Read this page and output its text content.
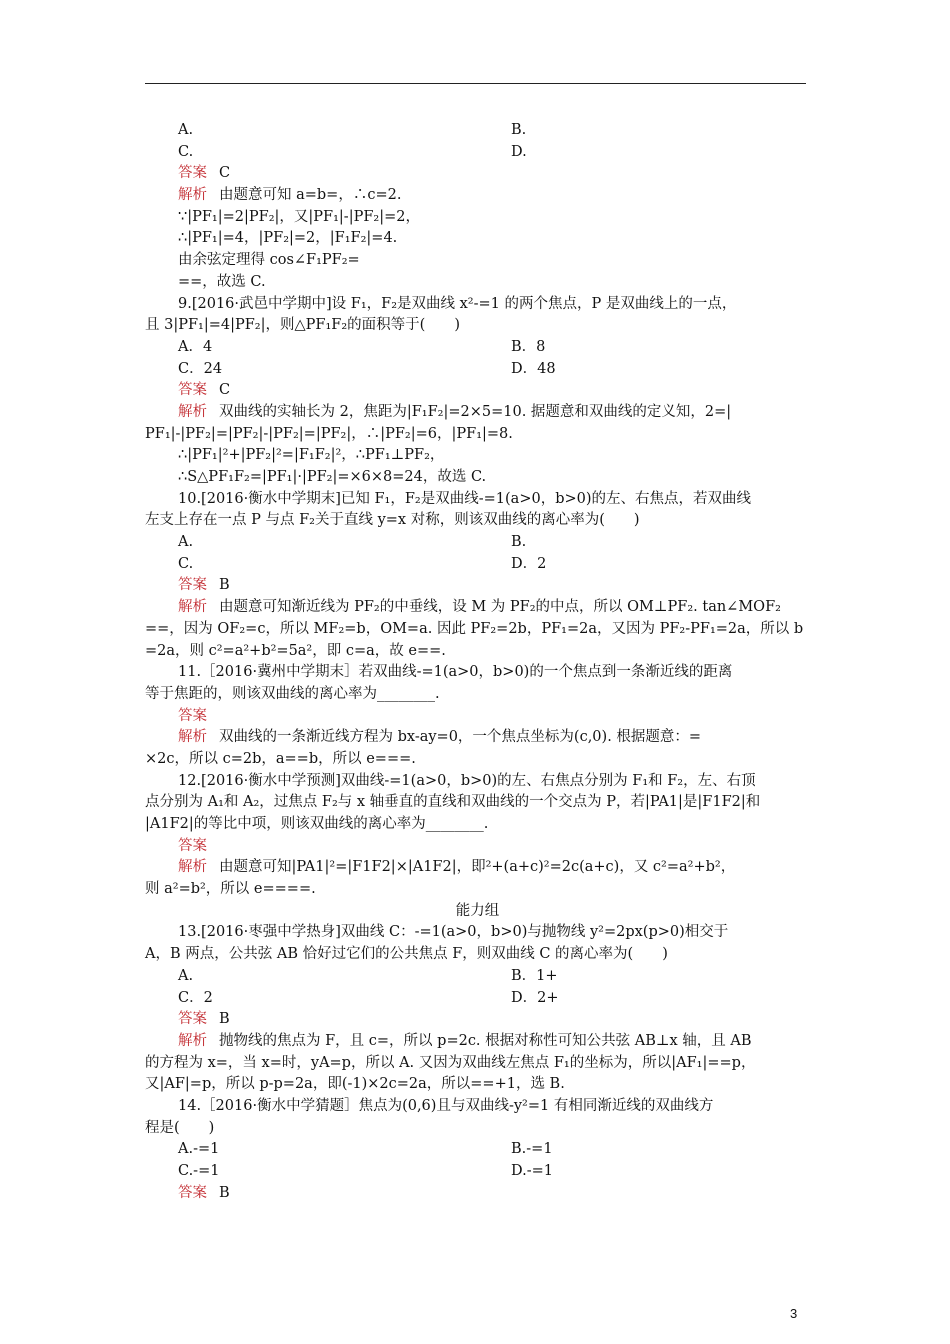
A.	B.
C.	D.
答案 C
解析 由题意可知 a=b=，∴c=2.
∵|PF₁|=2|PF₂|，又|PF₁|-|PF₂|=2，
∴|PF₁|=4，|PF₂|=2，|F₁F₂|=4.
由余弦定理得 cos∠F₁PF₂=
==，故选 C.
9.[2016·武邑中学期中]设 F₁，F₂是双曲线 x²-=1 的两个焦点，P 是双曲线上的一点，
且 3|PF₁|=4|PF₂|，则△PF₁F₂的面积等于(　　)
A．4	B．8
C．24	D．48
答案 C
解析 双曲线的实轴长为 2，焦距为|F₁F₂|=2×5=10. 据题意和双曲线的定义知，2=|
PF₁|-|PF₂|=|PF₂|-|PF₂|=|PF₂|，∴|PF₂|=6，|PF₁|=8.
∴|PF₁|²+|PF₂|²=|F₁F₂|²，∴PF₁⊥PF₂，
∴S△PF₁F₂=|PF₁|·|PF₂|=×6×8=24，故选 C.
10.[2016·衡水中学期末]已知 F₁，F₂是双曲线-=1(a>0，b>0)的左、右焦点，若双曲线
左支上存在一点 P 与点 F₂关于直线 y=x 对称，则该双曲线的离心率为(　　)
A.	B.
C.	D．2
答案 B
解析 由题意可知渐近线为 PF₂的中垂线，设 M 为 PF₂的中点，所以 OM⊥PF₂. tan∠MOF₂
==，因为 OF₂=c，所以 MF₂=b，OM=a. 因此 PF₂=2b，PF₁=2a，又因为 PF₂-PF₁=2a，所以 b
=2a，则 c²=a²+b²=5a²，即 c=a，故 e==.
11.［2016·冀州中学期末］若双曲线-=1(a>0，b>0)的一个焦点到一条渐近线的距离
等于焦距的，则该双曲线的离心率为________.
答案
解析 双曲线的一条渐近线方程为 bx-ay=0，一个焦点坐标为(c,0). 根据题意：=
×2c，所以 c=2b，a==b，所以 e===.
12.[2016·衡水中学预测]双曲线-=1(a>0，b>0)的左、右焦点分别为 F₁和 F₂，左、右顶
点分别为 A₁和 A₂，过焦点 F₂与 x 轴垂直的直线和双曲线的一个交点为 P，若|PA1|是|F1F2|和
|A1F2|的等比中项，则该双曲线的离心率为________.
答案
解析 由题意可知|PA1|²=|F1F2|×|A1F2|，即²+(a+c)²=2c(a+c)，又 c²=a²+b²，
则 a²=b²，所以 e====.
能力组
13.[2016·枣强中学热身]双曲线 C：-=1(a>0，b>0)与抛物线 y²=2px(p>0)相交于
A，B 两点，公共弦 AB 恰好过它们的公共焦点 F，则双曲线 C 的离心率为(　　)
A.	B．1+
C．2	D．2+
答案 B
解析 抛物线的焦点为 F，且 c=，所以 p=2c. 根据对称性可知公共弦 AB⊥x 轴，且 AB
的方程为 x=，当 x=时，yA=p，所以 A. 又因为双曲线左焦点 F₁的坐标为，所以|AF₁|==p，
又|AF|=p，所以 p-p=2a，即(-1)×2c=2a，所以==+1，选 B.
14.［2016·衡水中学猜题］焦点为(0,6)且与双曲线-y²=1 有相同渐近线的双曲线方
程是(　　)
A.-=1	B.-=1
C.-=1	D.-=1
答案 B
3
